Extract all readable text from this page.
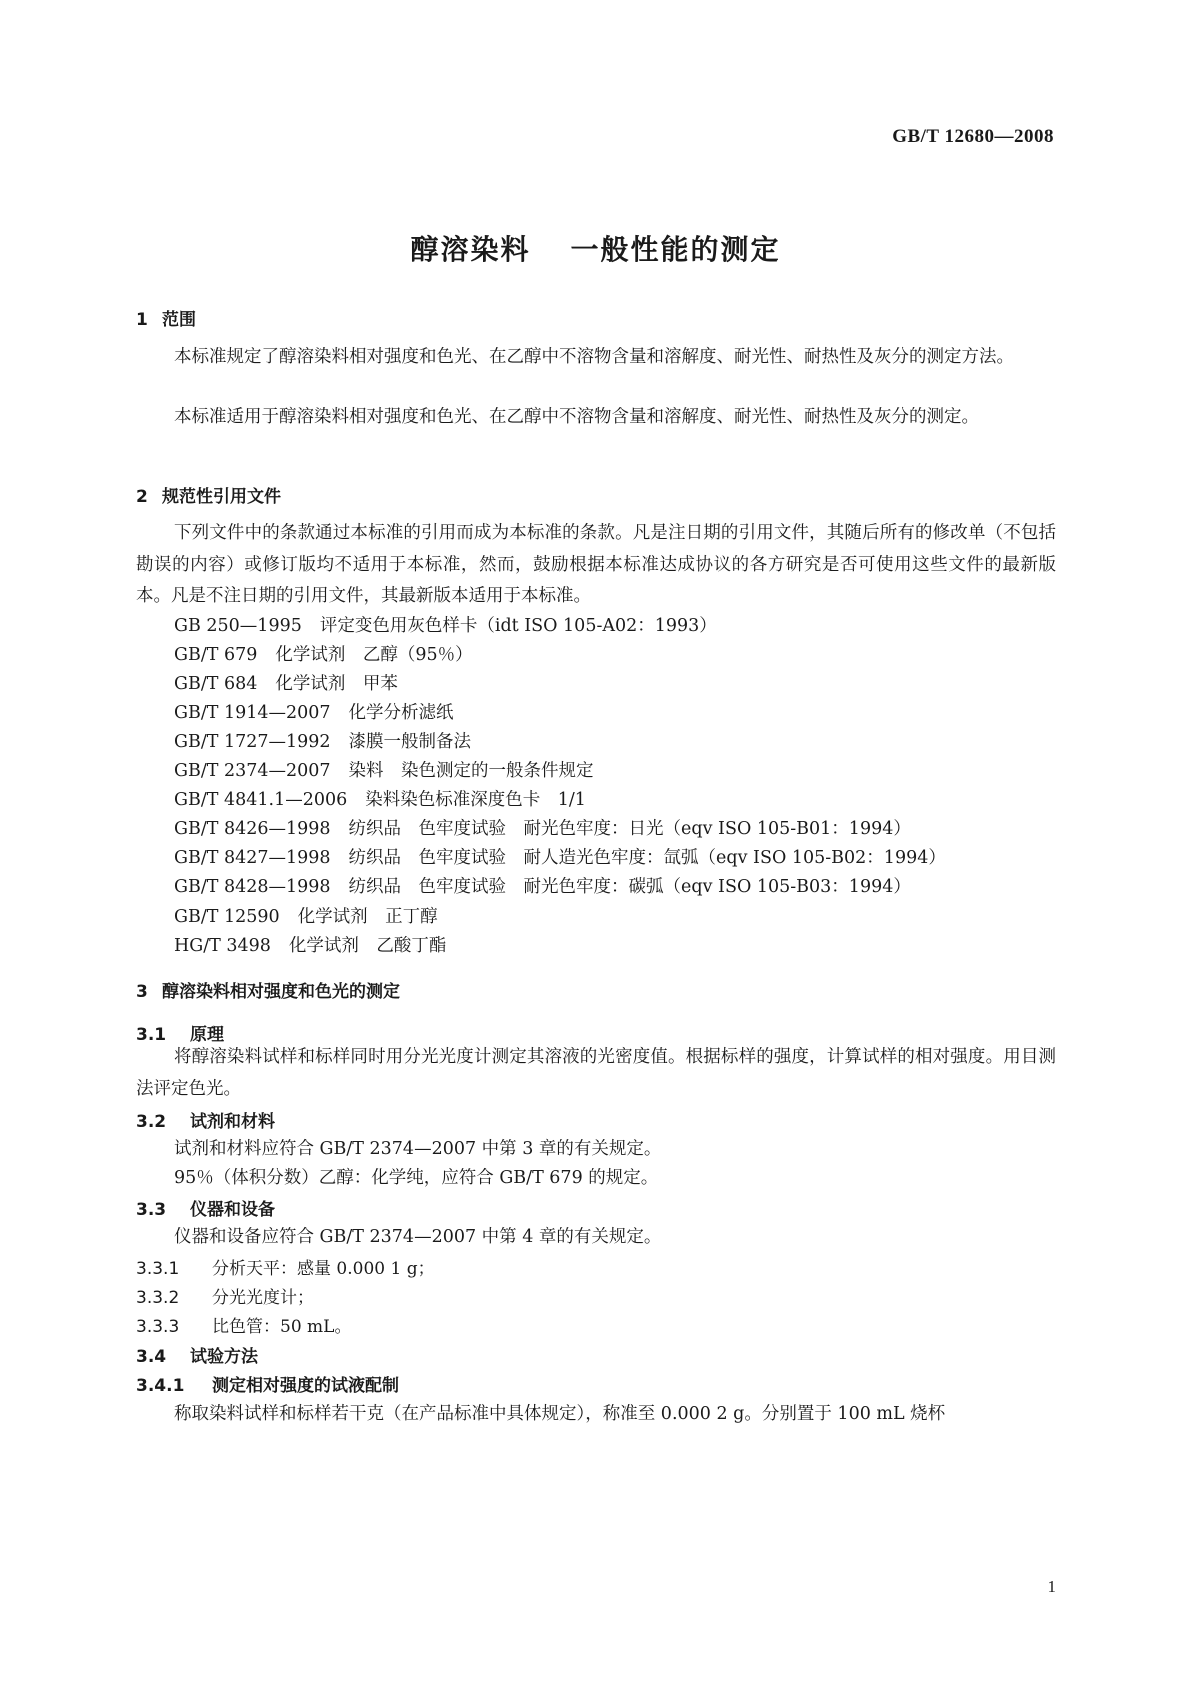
GB/T 12680—2008
醇溶染料 一般性能的测定
1 范围
本标准规定了醇溶染料相对强度和色光、在乙醇中不溶物含量和溶解度、耐光性、耐热性及灰分的测定方法。
本标准适用于醇溶染料相对强度和色光、在乙醇中不溶物含量和溶解度、耐光性、耐热性及灰分的测定。
2 规范性引用文件
下列文件中的条款通过本标准的引用而成为本标准的条款。凡是注日期的引用文件，其随后所有的修改单（不包括勘误的内容）或修订版均不适用于本标准，然而，鼓励根据本标准达成协议的各方研究是否可使用这些文件的最新版本。凡是不注日期的引用文件，其最新版本适用于本标准。
GB 250—1995 评定变色用灰色样卡（idt ISO 105-A02：1993）
GB/T 679 化学试剂　乙醇（95％）
GB/T 684 化学试剂　甲苯
GB/T 1914—2007 化学分析滤纸
GB/T 1727—1992 漆膜一般制备法
GB/T 2374—2007 染料　染色测定的一般条件规定
GB/T 4841.1—2006 染料染色标准深度色卡　1/1
GB/T 8426—1998 纺织品　色牢度试验　耐光色牢度：日光（eqv ISO 105-B01：1994）
GB/T 8427—1998 纺织品　色牢度试验　耐人造光色牢度：氙弧（eqv ISO 105-B02：1994）
GB/T 8428—1998 纺织品　色牢度试验　耐光色牢度：碳弧（eqv ISO 105-B03：1994）
GB/T 12590 化学试剂　正丁醇
HG/T 3498 化学试剂　乙酸丁酯
3 醇溶染料相对强度和色光的测定
3.1 原理
将醇溶染料试样和标样同时用分光光度计测定其溶液的光密度值。根据标样的强度，计算试样的相对强度。用目测法评定色光。
3.2 试剂和材料
试剂和材料应符合 GB/T 2374—2007 中第 3 章的有关规定。
95％（体积分数）乙醇：化学纯，应符合 GB/T 679 的规定。
3.3 仪器和设备
仪器和设备应符合 GB/T 2374—2007 中第 4 章的有关规定。
3.3.1 分析天平：感量 0.000 1 g；
3.3.2 分光光度计；
3.3.3 比色管：50 mL。
3.4 试验方法
3.4.1 测定相对强度的试液配制
称取染料试样和标样若干克（在产品标准中具体规定），称准至 0.000 2 g。分别置于 100 mL 烧杯
1
